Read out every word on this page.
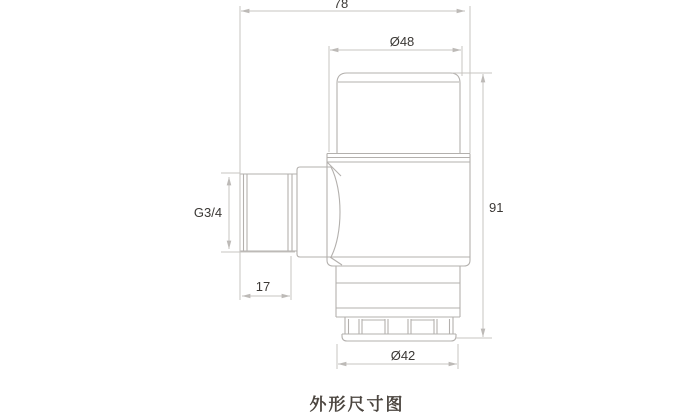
78
Ø48
91
G3/4
17
Ø42
外形尺寸图
